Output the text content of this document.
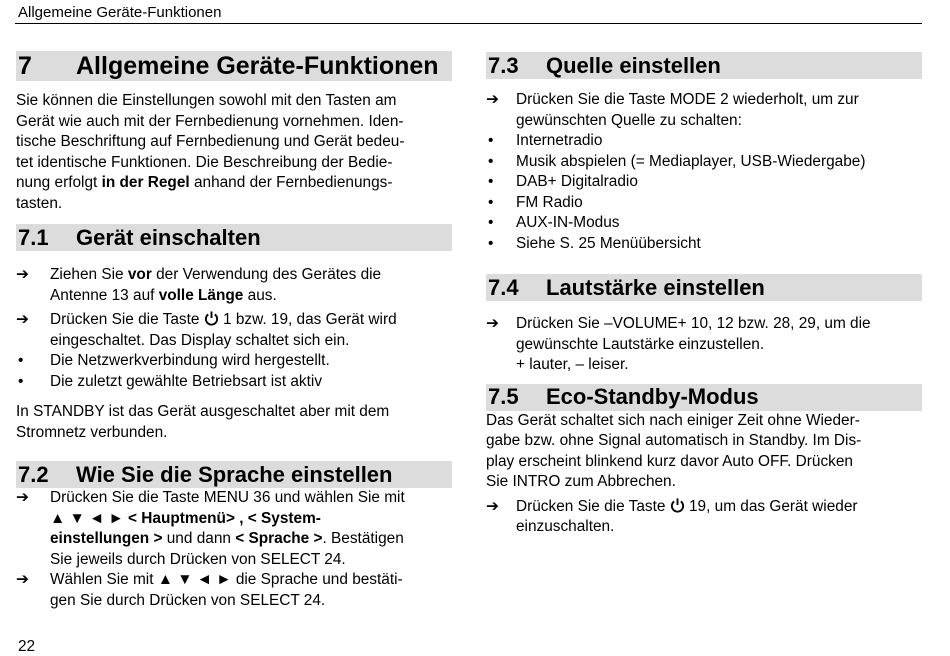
Allgemeine Geräte-Funktionen
7	Allgemeine Geräte-Funktionen

Sie können die Einstellungen sowohl mit den Tasten am

Gerät wie auch mit der Fernbedienung vornehmen. Iden-

tische Beschriftung auf Fernbedienung und Gerät bedeu-

tet identische Funktionen. Die Beschreibung der Bedie-

nung erfolgt in der Regel anhand der Fernbedienungs-

tasten.

7.1	Gerät einschalten
➔	Ziehen Sie vor der Verwendung des Gerätes die
Antenne 13 auf volle Länge aus.
➔	Drücken Sie die Taste  1 bzw. 19, das Gerät wird
eingeschaltet. Das Display schaltet sich ein.
•	Die Netzwerkverbindung wird hergestellt.
•	Die zuletzt gewählte Betriebsart ist aktiv

In STANDBY ist das Gerät ausgeschaltet aber mit dem

Stromnetz verbunden.

7.2	Wie Sie die Sprache einstellen
➔	Drücken Sie die Taste MENU 36 und wählen Sie mit
▲ ▼ ◄ ► < Hauptmenü> , < System-
einstellungen > und dann < Sprache >. Bestätigen
Sie jeweils durch Drücken von SELECT 24.
➔	Wählen Sie mit ▲ ▼ ◄ ► die Sprache und bestäti-
gen Sie durch Drücken von SELECT 24.
7.3	Quelle einstellen
➔	Drücken Sie die Taste MODE 2 wiederholt, um zur
gewünschten Quelle zu schalten:
•	Internetradio
•	Musik abspielen (= Mediaplayer, USB-Wiedergabe)
•	DAB+ Digitalradio
•	FM Radio
•	AUX-IN-Modus
•	Siehe S. 25 Menüübersicht
7.4	Lautstärke einstellen
➔	Drücken Sie –VOLUME+ 10, 12 bzw. 28, 29, um die
gewünschte Lautstärke einzustellen.
+ lauter, – leiser.
7.5	Eco-Standby-Modus

Das Gerät schaltet sich nach einiger Zeit ohne Wieder-

gabe bzw. ohne Signal automatisch in Standby. Im Dis-

play erscheint blinkend kurz davor Auto OFF. Drücken

Sie INTRO zum Abbrechen.

➔	Drücken Sie die Taste  19, um das Gerät wieder
einzuschalten.
22
